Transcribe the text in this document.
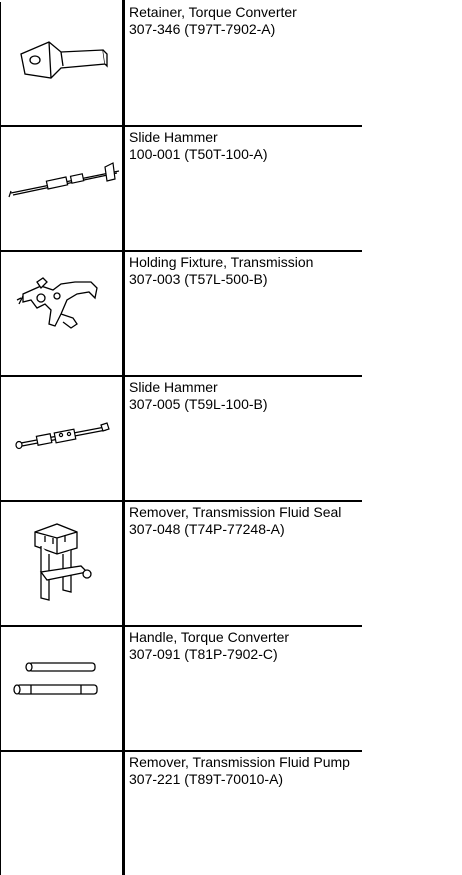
Retainer, Torque Converter
307-346 (T97T-7902-A)
Slide Hammer
100-001 (T50T-100-A)
Holding Fixture, Transmission
307-003 (T57L-500-B)
Slide Hammer
307-005 (T59L-100-B)
Remover, Transmission Fluid Seal
307-048 (T74P-77248-A)
Handle, Torque Converter
307-091 (T81P-7902-C)
Remover, Transmission Fluid Pump
307-221 (T89T-70010-A)
